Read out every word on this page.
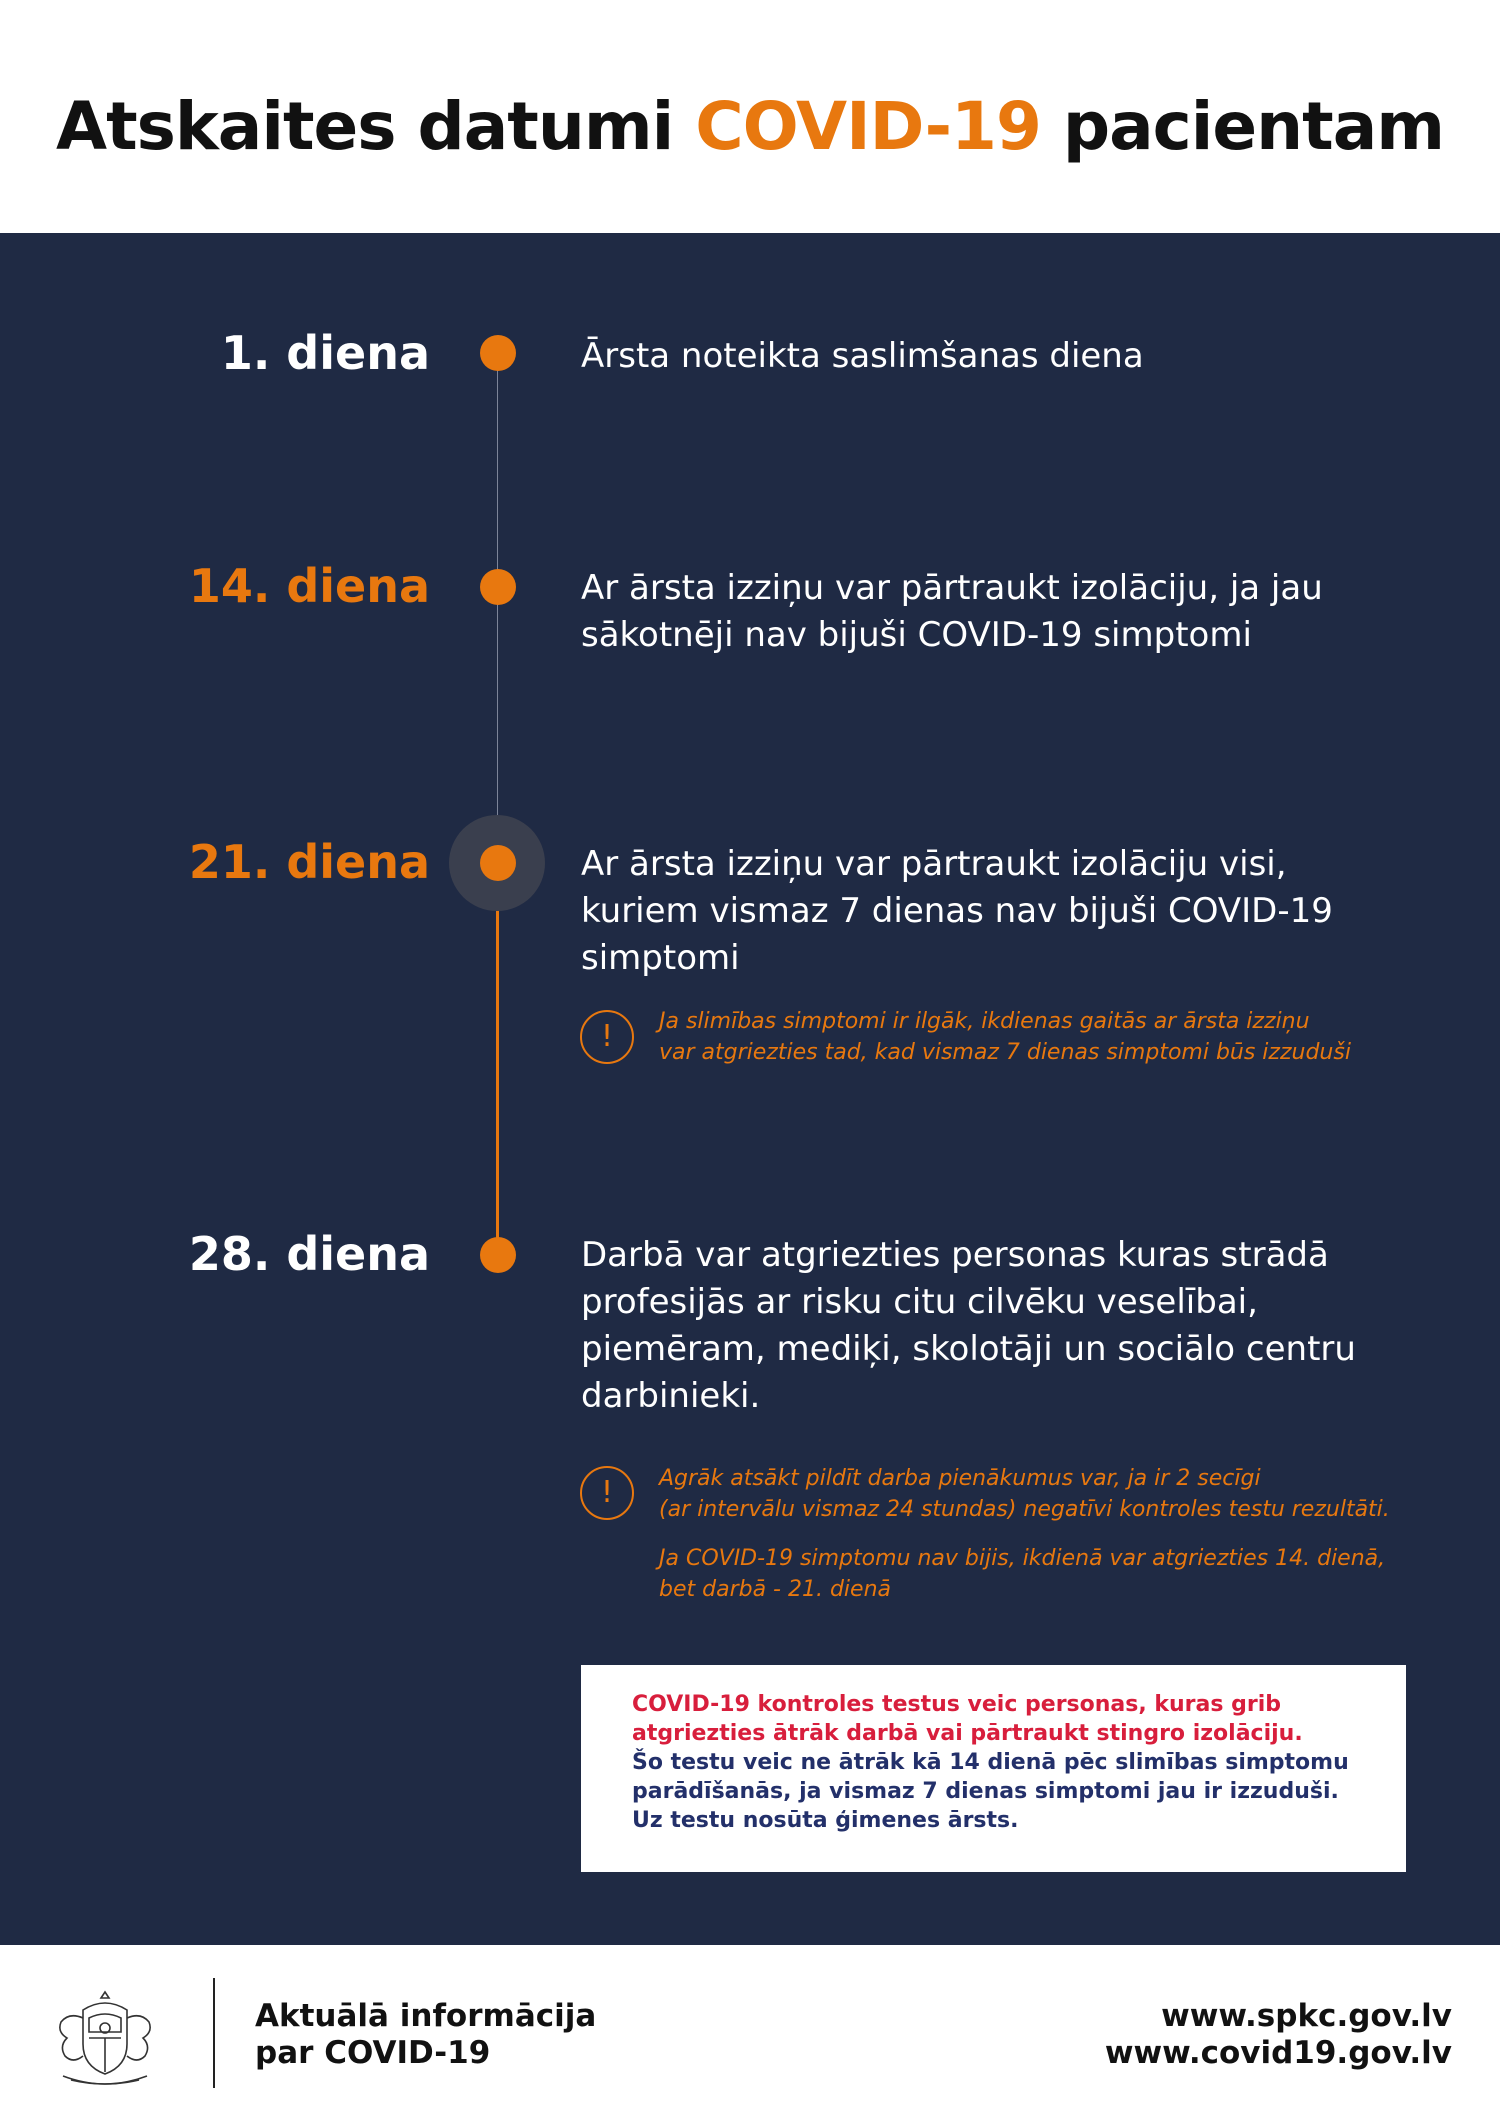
Atskaites datumi COVID-19 pacientam
1. diena	Ārsta noteikta saslimšanas diena
14. diena	Ar ārsta izziņu var pārtraukt izolāciju, ja jau
sākotnēji nav bijuši COVID-19 simptomi
21. diena	Ar ārsta izziņu var pārtraukt izolāciju visi,
kuriem vismaz 7 dienas nav bijuši COVID-19
simptomi
!	Ja slimības simptomi ir ilgāk, ikdienas gaitās ar ārsta izziņu
var atgriezties tad, kad vismaz 7 dienas simptomi būs izzuduši
28. diena	Darbā var atgriezties personas kuras strādā
profesijās ar risku citu cilvēku veselībai,
piemēram, mediķi, skolotāji un sociālo centru
darbinieki.
!	Agrāk atsākt pildīt darba pienākumus var, ja ir 2 secīgi
(ar intervālu vismaz 24 stundas) negatīvi kontroles testu rezultāti.
Ja COVID-19 simptomu nav bijis, ikdienā var atgriezties 14. dienā,
bet darbā - 21. dienā
COVID-19 kontroles testus veic personas, kuras grib
atgriezties ātrāk darbā vai pārtraukt stingro izolāciju.
Šo testu veic ne ātrāk kā 14 dienā pēc slimības simptomu
parādīšanās, ja vismaz 7 dienas simptomi jau ir izzuduši.
Uz testu nosūta ģimenes ārsts.
Aktuālā informācija
par COVID-19
www.spkc.gov.lv
www.covid19.gov.lv
